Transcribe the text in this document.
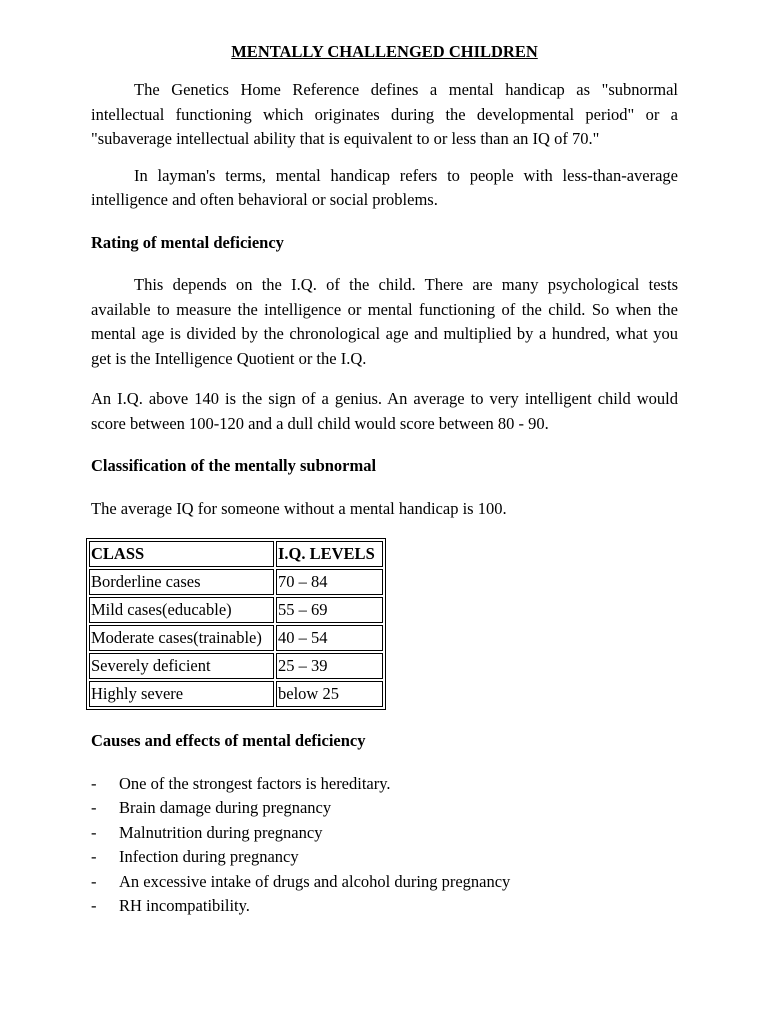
MENTALLY CHALLENGED CHILDREN

The Genetics Home Reference defines a mental handicap as "subnormal intellectual functioning which originates during the developmental period" or a "subaverage intellectual ability that is equivalent to or less than an IQ of 70."

In layman's terms, mental handicap refers to people with less-than-average intelligence and often behavioral or social problems.

Rating of mental deficiency

This depends on the I.Q. of the child. There are many psychological tests available to measure the intelligence or mental functioning of the child. So when the mental age is divided by the chronological age and multiplied by a hundred, what you get is the Intelligence Quotient or the I.Q.

An I.Q. above 140 is the sign of a genius. An average to very intelligent child would score between 100-120 and a dull child would score between 80 - 90.

Classification of the mentally subnormal

The average IQ for someone without a mental handicap is 100.

CLASS	I.Q. LEVELS
Borderline cases	70 – 84
Mild cases(educable)	55 – 69
Moderate cases(trainable)	40 – 54
Severely deficient	25 – 39
Highly severe	below 25

Causes and effects of mental deficiency

- One of the strongest factors is hereditary.
- Brain damage during pregnancy
- Malnutrition during pregnancy
- Infection during pregnancy
- An excessive intake of drugs and alcohol during pregnancy
- RH incompatibility.
